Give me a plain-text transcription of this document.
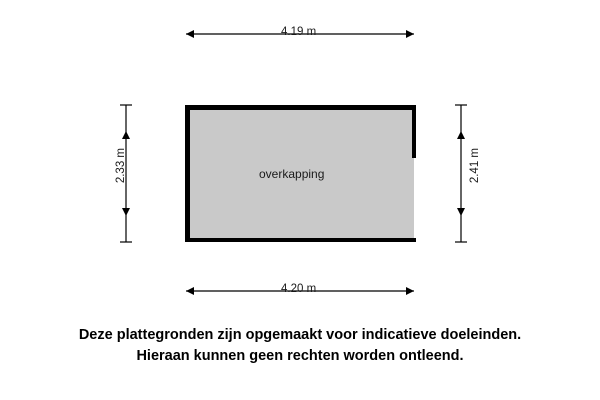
4.19 m
4.20 m
2.33 m	2.41 m
overkapping
Deze plattegronden zijn opgemaakt voor indicatieve doeleinden.
Hieraan kunnen geen rechten worden ontleend.
